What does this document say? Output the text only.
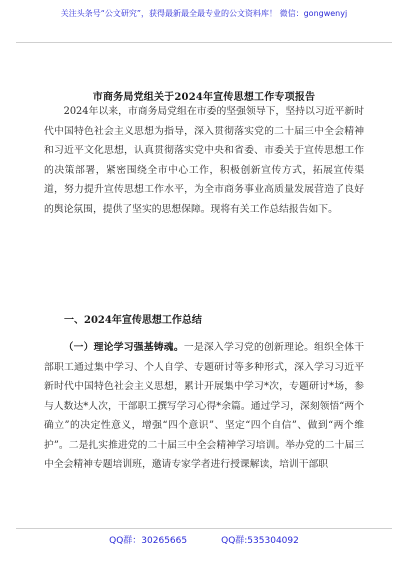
关注头条号“公文研究”，获得最新最全最专业的公文资料库！ 微信：gongwenyj
市商务局党组关于2024年宣传思想工作专项报告
2024年以来，市商务局党组在市委的坚强领导下，坚持以习近平新时代中国特色社会主义思想为指导，深入贯彻落实党的二十届三中全会精神和习近平文化思想，认真贯彻落实党中央和省委、市委关于宣传思想工作的决策部署，紧密围绕全市中心工作，积极创新宣传方式，拓展宣传渠道，努力提升宣传思想工作水平，为全市商务事业高质量发展营造了良好的舆论氛围，提供了坚实的思想保障。现将有关工作总结报告如下。
一、2024年宣传思想工作总结
（一）理论学习强基铸魂。一是深入学习党的创新理论。组织全体干部职工通过集中学习、个人自学、专题研讨等多种形式，深入学习习近平新时代中国特色社会主义思想，累计开展集中学习*次，专题研讨*场，参与人数达*人次，干部职工撰写学习心得*余篇。通过学习，深刻领悟“两个确立”的决定性意义，增强“四个意识”、坚定“四个自信”、做到“两个维护”。二是扎实推进党的二十届三中全会精神学习培训。举办党的二十届三中全会精神专题培训班，邀请专家学者进行授课解读，培训干部职
QQ群：30265665	QQ群:535304092
